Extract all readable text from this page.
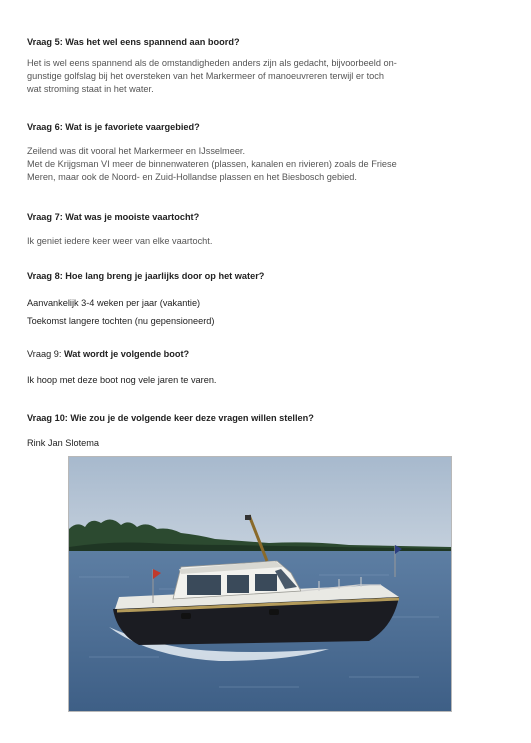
Vraag 5: Was het wel eens spannend aan boord?

Het is wel eens spannend als de omstandigheden anders zijn als gedacht, bijvoorbeeld on-
gunstige golfslag bij het oversteken van het Markermeer of manoeuvreren terwijl er toch
wat stroming staat in het water.

Vraag 6: Wat is je favoriete vaargebied?

Zeilend was dit vooral het Markermeer en IJsselmeer.
Met de Krijgsman VI meer de binnenwateren (plassen, kanalen en rivieren) zoals de Friese
Meren, maar ook de Noord- en Zuid-Hollandse plassen en het Biesbosch gebied.

Vraag 7: Wat was je mooiste vaartocht?

Ik geniet iedere keer weer van elke vaartocht.

Vraag 8: Hoe lang breng je jaarlijks door op het water?

Aanvankelijk 3-4 weken per jaar (vakantie)
Toekomst langere tochten (nu gepensioneerd)

Vraag 9: Wat wordt je volgende boot?

Ik hoop met deze boot nog vele jaren te varen.

Vraag 10: Wie zou je de volgende keer deze vragen willen stellen?

Rink Jan Slotema
